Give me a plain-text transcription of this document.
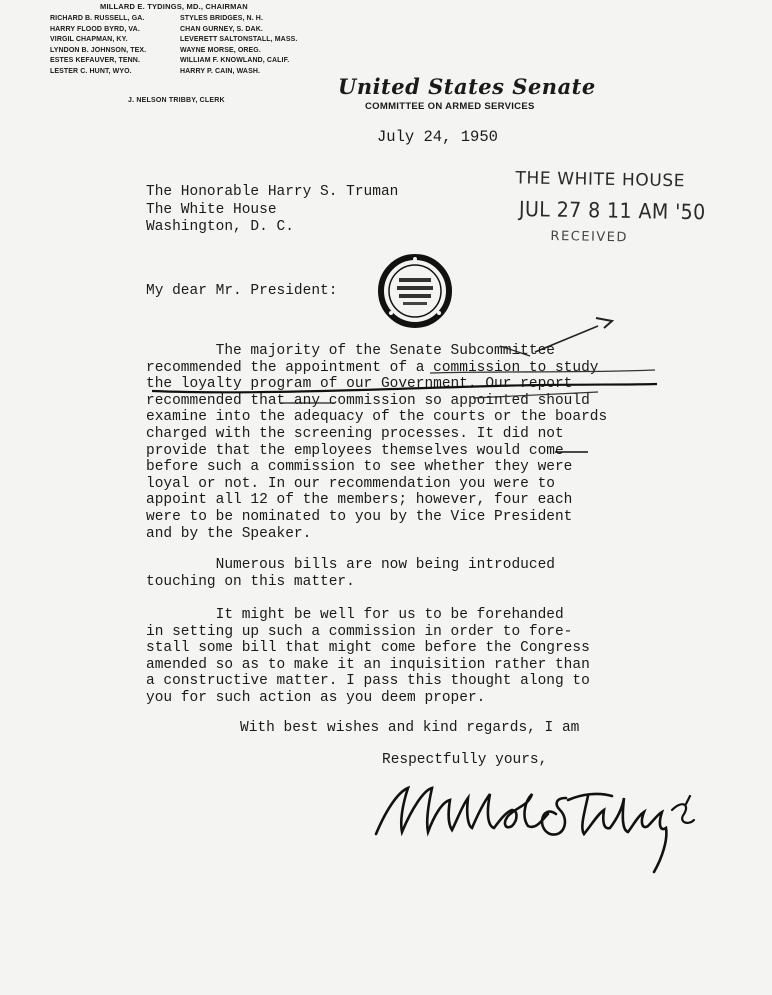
MILLARD E. TYDINGS, MD., CHAIRMAN
RICHARD B. RUSSELL, GA.
HARRY FLOOD BYRD, VA.
VIRGIL CHAPMAN, KY.
LYNDON B. JOHNSON, TEX.
ESTES KEFAUVER, TENN.
LESTER C. HUNT, WYO.
STYLES BRIDGES, N. H.
CHAN GURNEY, S. DAK.
LEVERETT SALTONSTALL, MASS.
WAYNE MORSE, OREG.
WILLIAM F. KNOWLAND, CALIF.
HARRY P. CAIN, WASH.
J. NELSON TRIBBY, CLERK
United States Senate
COMMITTEE ON ARMED SERVICES
July 24, 1950
The Honorable Harry S. Truman
The White House
Washington, D. C.
THE WHITE HOUSE
JUL 27 8 11 AM '50
RECEIVED
My dear Mr. President:
The majority of the Senate Subcommittee
recommended the appointment of a commission to study
the loyalty program of our Government. Our report
recommended that any commission so appointed should
examine into the adequacy of the courts or the boards
charged with the screening processes. It did not
provide that the employees themselves would come
before such a commission to see whether they were
loyal or not. In our recommendation you were to
appoint all 12 of the members; however, four each
were to be nominated to you by the Vice President
and by the Speaker.
Numerous bills are now being introduced
touching on this matter.
It might be well for us to be forehanded
in setting up such a commission in order to fore-
stall some bill that might come before the Congress
amended so as to make it an inquisition rather than
a constructive matter. I pass this thought along to
you for such action as you deem proper.
With best wishes and kind regards, I am
Respectfully yours,
